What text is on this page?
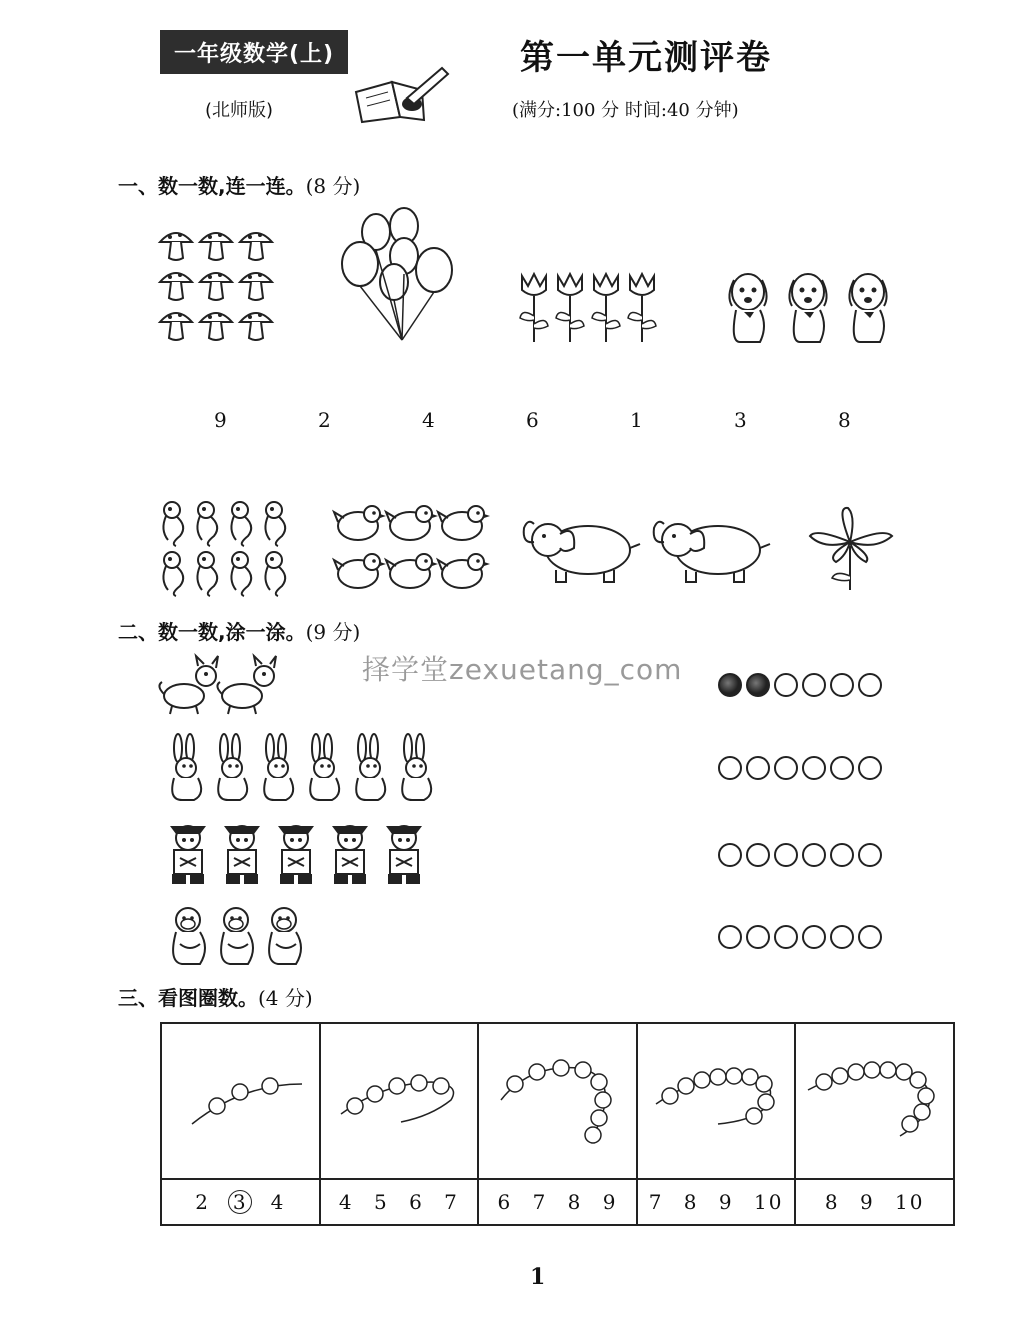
一年级数学(上)
(北师版)
第一单元测评卷
(满分:100 分 时间:40 分钟)
一、数一数,连一连。(8 分)
9	2	4	6	1	3	8
二、数一数,涂一涂。(9 分)
择学堂zexuetang_com
三、看图圈数。(4 分)

2 3 4	4 5 6 7	6 7 8 9	7 8 9 10	8 9 10
1
